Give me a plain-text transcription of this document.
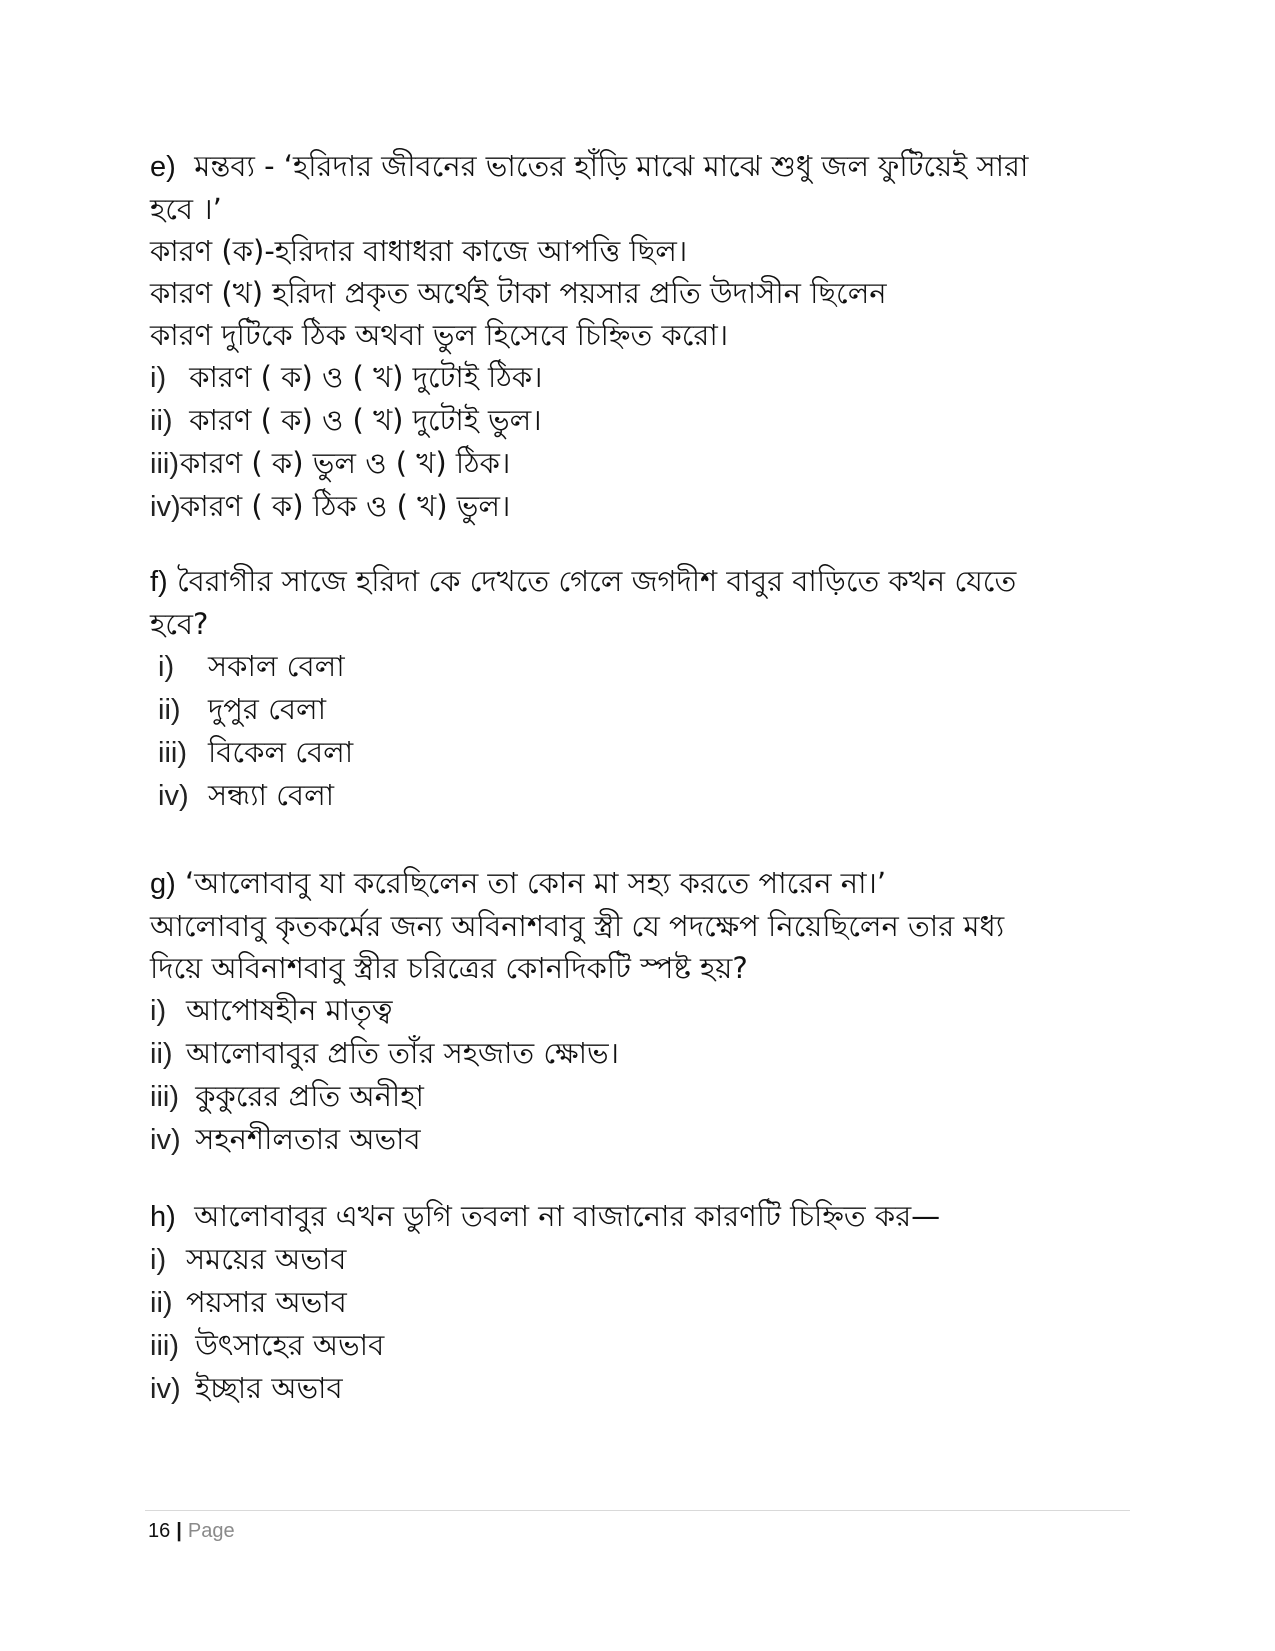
e) মন্তব্য - ‘হরিদার জীবনের ভাতের হাঁড়ি মাঝে মাঝে শুধু জল ফুটিয়েই সারা
হবে ।’
কারণ (ক)-হরিদার বাধাধরা কাজে আপত্তি ছিল।
কারণ (খ) হরিদা প্রকৃত অর্থেই টাকা পয়সার প্রতি উদাসীন ছিলেন
কারণ দুটিকে ঠিক অথবা ভুল হিসেবে চিহ্নিত করো।
i) কারণ ( ক) ও ( খ) দুটোই ঠিক।
ii) কারণ ( ক) ও ( খ) দুটোই ভুল।
iii)কারণ ( ক) ভুল ও ( খ) ঠিক।
iv)কারণ ( ক) ঠিক ও ( খ) ভুল।
f) বৈরাগীর সাজে হরিদা কে দেখতে গেলে জগদীশ বাবুর বাড়িতে কখন যেতে
হবে?
i) সকাল বেলা
ii) দুপুর বেলা
iii) বিকেল বেলা
iv) সন্ধ্যা বেলা
g) ‘আলোবাবু যা করেছিলেন তা কোন মা সহ্য করতে পারেন না।’
আলোবাবু কৃতকর্মের জন্য অবিনাশবাবু স্ত্রী যে পদক্ষেপ নিয়েছিলেন তার মধ্য
দিয়ে অবিনাশবাবু স্ত্রীর চরিত্রের কোনদিকটি স্পষ্ট হয়?
i) আপোষহীন মাতৃত্ব
ii) আলোবাবুর প্রতি তাঁর সহজাত ক্ষোভ।
iii) কুকুরের প্রতি অনীহা
iv) সহনশীলতার অভাব
h) আলোবাবুর এখন ডুগি তবলা না বাজানোর কারণটি চিহ্নিত কর—
i) সময়ের অভাব
ii) পয়সার অভাব
iii) উৎসাহের অভাব
iv) ইচ্ছার অভাব
16 | Page
